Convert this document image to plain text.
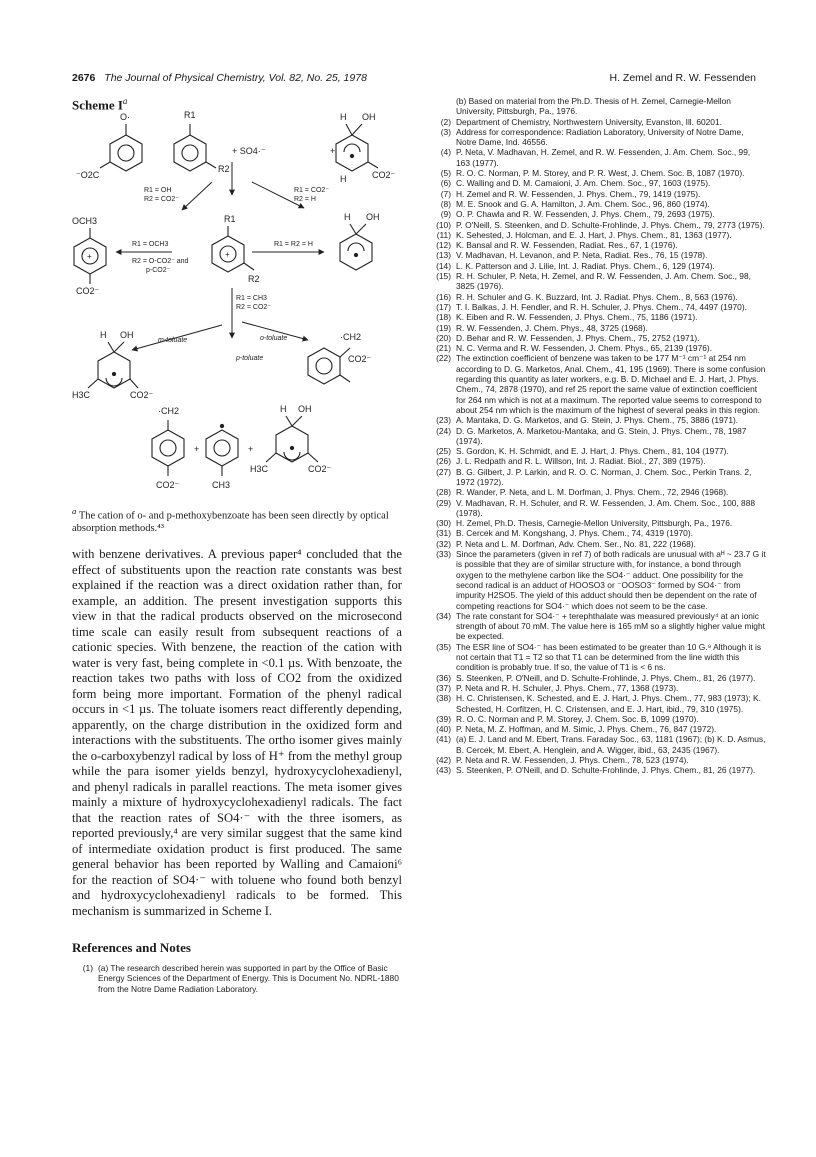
2676 The Journal of Physical Chemistry, Vol. 82, No. 25, 1978	H. Zemel and R. W. Fessenden
Scheme $I^a$
O·
⁻O2C
R1
R2
+ SO4·⁻	+
H OH
H	CO2⁻
R1 = OH
R2 = CO2⁻
R1 = CO2⁻
R2 = H
+
OCH3
CO2⁻
R1 = OCH3
R2 = O-CO2⁻ and
p-CO2⁻
+
R1
R2
R1 = R2 = H
H OH
R1 = CH3
R2 = CO2⁻
m-toluate	o-toluate
p-toluate
H OH
H3C	CO2⁻
·CH2
CO2⁻
·CH2
CO2⁻
+
CH3
+
H OH
H3C	CO2⁻
$^a$ The cation of o- and p-methoxybenzoate has been seen directly by optical absorption methods.⁴³
with benzene derivatives. A previous paper⁴ concluded that the effect of substituents upon the reaction rate constants was best explained if the reaction was a direct oxidation rather than, for example, an addition. The present investigation supports this view in that the radical products observed on the microsecond time scale can easily result from subsequent reactions of a cationic species. With benzene, the reaction of the cation with water is very fast, being complete in <0.1 µs. With benzoate, the reaction takes two paths with loss of CO2 from the oxidized form being more important. Formation of the phenyl radical occurs in <1 µs. The toluate isomers react differently depending, apparently, on the charge distribution in the oxidized form and interactions with the substituents. The ortho isomer gives mainly the o-carboxybenzyl radical by loss of H⁺ from the methyl group while the para isomer yields benzyl, hydroxycyclohexadienyl, and phenyl radicals in parallel reactions. The meta isomer gives mainly a mixture of hydroxycyclohexadienyl radicals. The fact that the reaction rates of SO4·⁻ with the three isomers, as reported previously,⁴ are very similar suggest that the same kind of intermediate oxidation product is first produced. The same general behavior has been reported by Walling and Camaioni⁶ for the reaction of SO4·⁻ with toluene who found both benzyl and hydroxycyclohexadienyl radicals to be formed. This mechanism is summarized in Scheme I.
References and Notes
(1) (a) The research described herein was supported in part by the Office of Basic Energy Sciences of the Department of Energy. This is Document No. NDRL-1880 from the Notre Dame Radiation Laboratory.
(b) Based on material from the Ph.D. Thesis of H. Zemel, Carnegie-Mellon University, Pittsburgh, Pa., 1976.
(2) Department of Chemistry, Northwestern University, Evanston, Ill. 60201.
(3) Address for correspondence: Radiation Laboratory, University of Notre Dame, Notre Dame, Ind. 46556.
(4) P. Neta, V. Madhavan, H. Zemel, and R. W. Fessenden, J. Am. Chem. Soc., 99, 163 (1977).
(5) R. O. C. Norman, P. M. Storey, and P. R. West, J. Chem. Soc. B, 1087 (1970).
(6) C. Walling and D. M. Camaioni, J. Am. Chem. Soc., 97, 1603 (1975).
(7) H. Zemel and R. W. Fessenden, J. Phys. Chem., 79, 1419 (1975).
(8) M. E. Snook and G. A. Hamilton, J. Am. Chem. Soc., 96, 860 (1974).
(9) O. P. Chawla and R. W. Fessenden, J. Phys. Chem., 79, 2693 (1975).
(10) P. O'Neill, S. Steenken, and D. Schulte-Frohlinde, J. Phys. Chem., 79, 2773 (1975).
(11) K. Sehested, J. Holcman, and E. J. Hart, J. Phys. Chem., 81, 1363 (1977).
(12) K. Bansal and R. W. Fessenden, Radiat. Res., 67, 1 (1976).
(13) V. Madhavan, H. Levanon, and P. Neta, Radiat. Res., 76, 15 (1978).
(14) L. K. Patterson and J. Lilie, Int. J. Radiat. Phys. Chem., 6, 129 (1974).
(15) R. H. Schuler, P. Neta, H. Zemel, and R. W. Fessenden, J. Am. Chem. Soc., 98, 3825 (1976).
(16) R. H. Schuler and G. K. Buzzard, Int. J. Radiat. Phys. Chem., 8, 563 (1976).
(17) T. I. Balkas, J. H. Fendler, and R. H. Schuler, J. Phys. Chem., 74, 4497 (1970).
(18) K. Eiben and R. W. Fessenden, J. Phys. Chem., 75, 1186 (1971).
(19) R. W. Fessenden, J. Chem. Phys., 48, 3725 (1968).
(20) D. Behar and R. W. Fessenden, J. Phys. Chem., 75, 2752 (1971).
(21) N. C. Verma and R. W. Fessenden, J. Chem. Phys., 65, 2139 (1976).
(22) The extinction coefficient of benzene was taken to be 177 M⁻¹ cm⁻¹ at 254 nm according to D. G. Marketos, Anal. Chem., 41, 195 (1969). There is some confusion regarding this quantity as later workers, e.g. B. D. Michael and E. J. Hart, J. Phys. Chem., 74, 2878 (1970), and ref 25 report the same value of extinction coefficient for 264 nm which is not at a maximum. The reported value seems to correspond to about 254 nm which is the maximum of the highest of several peaks in this region.
(23) A. Mantaka, D. G. Marketos, and G. Stein, J. Phys. Chem., 75, 3886 (1971).
(24) D. G. Marketos, A. Marketou-Mantaka, and G. Stein, J. Phys. Chem., 78, 1987 (1974).
(25) S. Gordon, K. H. Schmidt, and E. J. Hart, J. Phys. Chem., 81, 104 (1977).
(26) J. L. Redpath and R. L. Willson, Int. J. Radiat. Biol., 27, 389 (1975).
(27) B. G. Gilbert, J. P. Larkin, and R. O. C. Norman, J. Chem. Soc., Perkin Trans. 2, 1972 (1972).
(28) R. Wander, P. Neta, and L. M. Dorfman, J. Phys. Chem., 72, 2946 (1968).
(29) V. Madhavan, R. H. Schuler, and R. W. Fessenden, J. Am. Chem. Soc., 100, 888 (1978).
(30) H. Zemel, Ph.D. Thesis, Carnegie-Mellon University, Pittsburgh, Pa., 1976.
(31) B. Cercek and M. Kongshang, J. Phys. Chem., 74, 4319 (1970).
(32) P. Neta and L. M. Dorfman, Adv. Chem. Ser., No. 81, 222 (1968).
(33) Since the parameters (given in ref 7) of both radicals are unusual with aᴴ ~ 23.7 G it is possible that they are of similar structure with, for instance, a bond through oxygen to the methylene carbon like the SO4·⁻ adduct. One possibility for the second radical is an adduct of HOOSO3 or ⁻OOSO3⁻ formed by SO4·⁻ from impurity H2SO5. The yield of this adduct should then be dependent on the rate of competing reactions for SO4·⁻ which does not seem to be the case.
(34) The rate constant for SO4·⁻ + terephthalate was measured previously⁴ at an ionic strength of about 70 mM. The value here is 165 mM so a slightly higher value might be expected.
(35) The ESR line of SO4·⁻ has been estimated to be greater than 10 G.⁹ Although it is not certain that T1 = T2 so that T1 can be determined from the line width this condition is probably true. If so, the value of T1 is < 6 ns.
(36) S. Steenken, P. O'Neill, and D. Schulte-Frohlinde, J. Phys. Chem., 81, 26 (1977).
(37) P. Neta and R. H. Schuler, J. Phys. Chem., 77, 1368 (1973).
(38) H. C. Christensen, K. Schested, and E. J. Hart, J. Phys. Chem., 77, 983 (1973); K. Schested, H. Corfitzen, H. C. Cristensen, and E. J. Hart, ibid., 79, 310 (1975).
(39) R. O. C. Norman and P. M. Storey, J. Chem. Soc. B, 1099 (1970).
(40) P. Neta, M. Z. Hoffman, and M. Simic, J. Phys. Chem., 76, 847 (1972).
(41) (a) E. J. Land and M. Ebert, Trans. Faraday Soc., 63, 1181 (1967); (b) K. D. Asmus, B. Cercek, M. Ebert, A. Henglein, and A. Wigger, ibid., 63, 2435 (1967).
(42) P. Neta and R. W. Fessenden, J. Phys. Chem., 78, 523 (1974).
(43) S. Steenken, P. O'Neill, and D. Schulte-Frohlinde, J. Phys. Chem., 81, 26 (1977).
